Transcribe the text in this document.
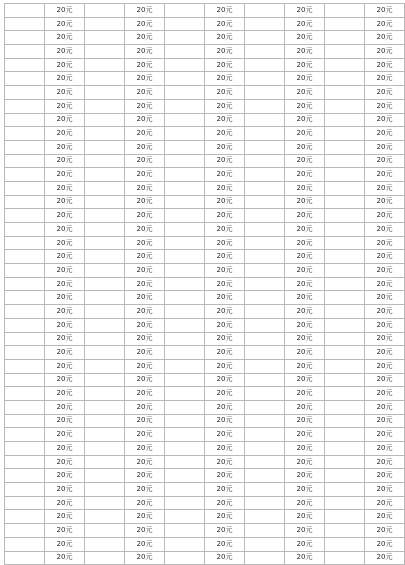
	20元		20元		20元		20元		20元
	20元		20元		20元		20元		20元
	20元		20元		20元		20元		20元
	20元		20元		20元		20元		20元
	20元		20元		20元		20元		20元
	20元		20元		20元		20元		20元
	20元		20元		20元		20元		20元
	20元		20元		20元		20元		20元
	20元		20元		20元		20元		20元
	20元		20元		20元		20元		20元
	20元		20元		20元		20元		20元
	20元		20元		20元		20元		20元
	20元		20元		20元		20元		20元
	20元		20元		20元		20元		20元
	20元		20元		20元		20元		20元
	20元		20元		20元		20元		20元
	20元		20元		20元		20元		20元
	20元		20元		20元		20元		20元
	20元		20元		20元		20元		20元
	20元		20元		20元		20元		20元
	20元		20元		20元		20元		20元
	20元		20元		20元		20元		20元
	20元		20元		20元		20元		20元
	20元		20元		20元		20元		20元
	20元		20元		20元		20元		20元
	20元		20元		20元		20元		20元
	20元		20元		20元		20元		20元
	20元		20元		20元		20元		20元
	20元		20元		20元		20元		20元
	20元		20元		20元		20元		20元
	20元		20元		20元		20元		20元
	20元		20元		20元		20元		20元
	20元		20元		20元		20元		20元
	20元		20元		20元		20元		20元
	20元		20元		20元		20元		20元
	20元		20元		20元		20元		20元
	20元		20元		20元		20元		20元
	20元		20元		20元		20元		20元
	20元		20元		20元		20元		20元
	20元		20元		20元		20元		20元
	20元		20元		20元		20元		20元
